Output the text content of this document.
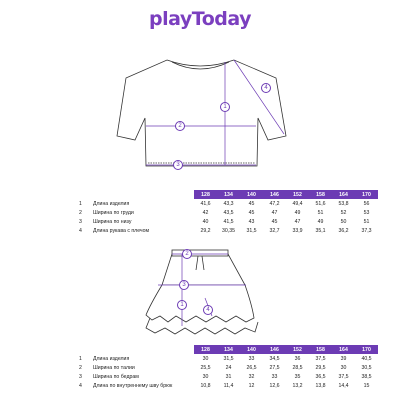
playToday
1
2
3
4
1
2
3
4
		128	134	140	146	152	158	164	170
1	Длина изделия	41,6	43,3	45	47,2	49,4	51,6	53,8	56
2	Ширина по груди	42	43,5	45	47	49	51	52	53
3	Ширина по низу	40	41,5	43	45	47	49	50	51
4	Длина рукава с плечом	29,2	30,35	31,5	32,7	33,9	35,1	36,2	37,3
		128	134	140	146	152	158	164	170
1	Длина изделия	30	31,5	33	34,5	36	37,5	39	40,5
2	Ширина по талии	25,5	24	26,5	27,5	28,5	29,5	30	30,5
3	Ширина по бедрам	30	31	32	33	35	36,5	37,5	38,5
4	Длина по внутреннему шву брюк	10,8	11,4	12	12,6	13,2	13,8	14,4	15
